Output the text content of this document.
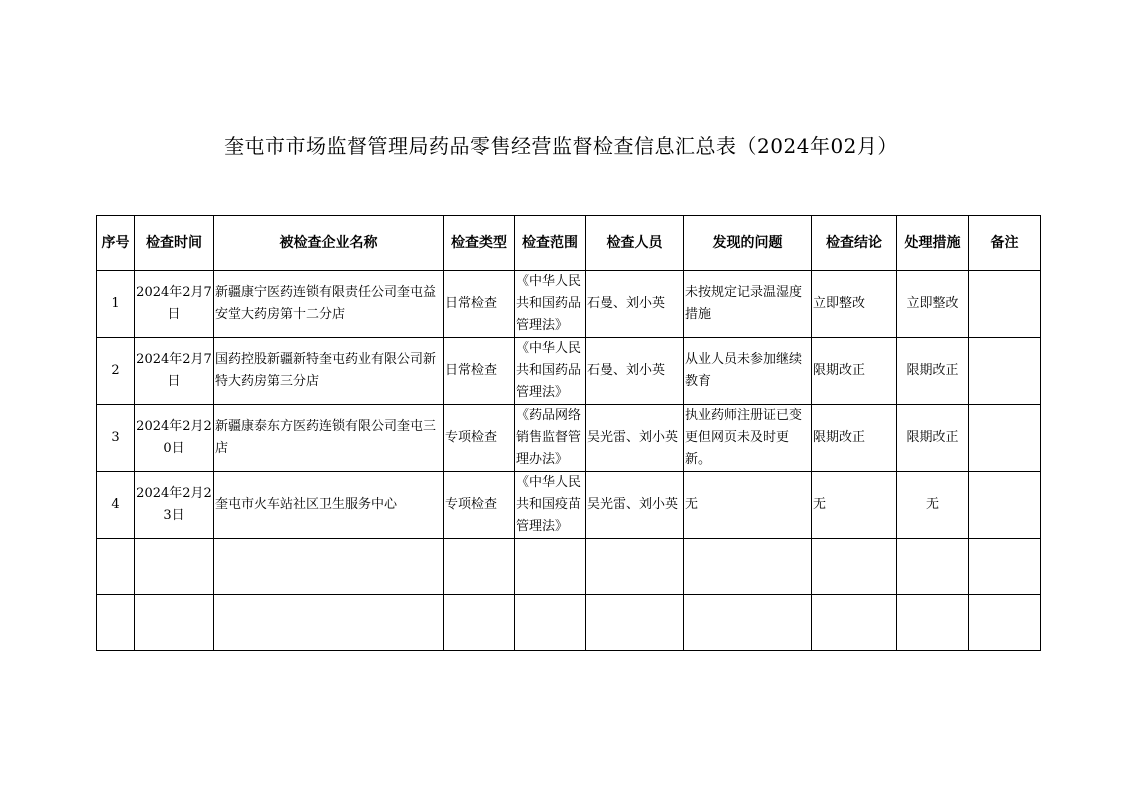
奎屯市市场监督管理局药品零售经营监督检查信息汇总表（2024年02月）
序号	检查时间	被检查企业名称	检查类型	检查范围	检查人员	发现的问题	检查结论	处理措施	备注
1	2024年2月7日	新疆康宁医药连锁有限责任公司奎屯益安堂大药房第十二分店	日常检查	《中华人民共和国药品管理法》	石曼、刘小英	未按规定记录温湿度措施	立即整改	立即整改	
2	2024年2月7日	国药控股新疆新特奎屯药业有限公司新特大药房第三分店	日常检查	《中华人民共和国药品管理法》	石曼、刘小英	从业人员未参加继续教育	限期改正	限期改正	
3	2024年2月20日	新疆康泰东方医药连锁有限公司奎屯三店	专项检查	《药品网络销售监督管理办法》	吴光雷、刘小英	执业药师注册证已变更但网页未及时更新。	限期改正	限期改正	
4	2024年2月23日	奎屯市火车站社区卫生服务中心	专项检查	《中华人民共和国疫苗管理法》	吴光雷、刘小英	无	无	无	
